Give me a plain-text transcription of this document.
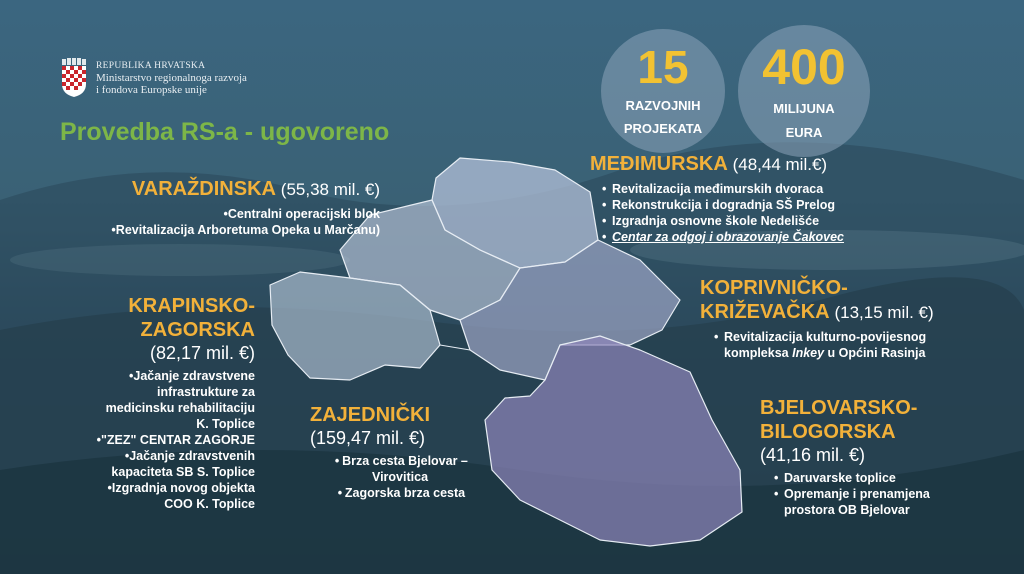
REPUBLIKA HRVATSKA
Ministarstvo regionalnoga razvoja
i fondova Europske unije
Provedba RS-a - ugovoreno
15
RAZVOJNIH
PROJEKATA
400
MILIJUNA
EURA
VARAŽDINSKA (55,38 mil. €)
• Centralni operacijski blok
• Revitalizacija Arboretuma Opeka u Marčanu)
MEĐIMURSKA (48,44 mil.€)
• Revitalizacija međimurskih dvoraca
• Rekonstrukcija i dogradnja SŠ Prelog
• Izgradnja osnovne škole Nedelišće
• Centar za odgoj i obrazovanje Čakovec
KRAPINSKO-
ZAGORSKA
(82,17 mil. €)
• Jačanje zdravstvene
infrastrukture za
medicinsku rehabilitaciju
K. Toplice
• "ZEZ" CENTAR ZAGORJE
• Jačanje zdravstvenih
kapaciteta SB S. Toplice
• Izgradnja novog objekta
COO K. Toplice
KOPRIVNIČKO-
KRIŽEVAČKA (13,15 mil. €)
• Revitalizacija kulturno-povijesnog
kompleksa Inkey u Općini Rasinja
ZAJEDNIČKI
(159,47 mil. €)
• Brza cesta Bjelovar –
Virovitica
• Zagorska brza cesta
BJELOVARSKO-
BILOGORSKA
(41,16 mil. €)
• Daruvarske toplice
• Opremanje i prenamjena
prostora OB Bjelovar
